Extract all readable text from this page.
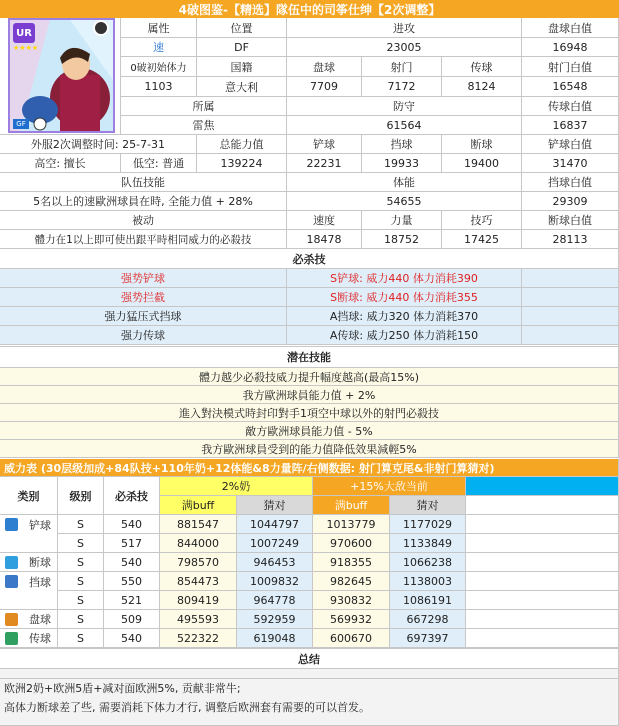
4破图鉴-【精选】隊伍中的司筝仕绅【2次调整】
UR
★★★★
GF
属性	位置	进攻	盘球白值
速	DF	23005	16948
0破初始体力	国籍	盘球	射门	传球	射门白值
1103	意大利	7709	7172	8124	16548
所属	防守	传球白值
雷焦	61564	16837
外服2次调整时间: 25-7-31	总能力值	铲球	挡球	断球	铲球白值
高空: 擅长	低空: 普通	139224	22231	19933	19400	31470
队伍技能	体能	挡球白值
5名以上的速歐洲球員在時, 全能力值 + 28%	54655	29309
被动	速度	力量	技巧	断球白值
體力在1以上即可使出跟平時相同威力的必殺技	18478	18752	17425	28113
必杀技
强势铲球	S铲球: 威力440 体力消耗390
强势拦截	S断球: 威力440 体力消耗355
强力猛压式挡球	A挡球: 威力320 体力消耗370
强力传球	A传球: 威力250 体力消耗150
潜在技能
體力越少必殺技威力提升幅度越高(最高15%)
我方歐洲球員能力值 + 2%
進入對決模式時封印對手1項空中球以外的射門必殺技
敵方歐洲球員能力值 - 5%
我方歐洲球員受到的能力值降低效果減輕5%
威力表 (30层级加成+84队技+110年奶+12体能&8力量阵/右侧数据: 射门算克尾&非射门算猜对)
类别	级别	必杀技
2%奶	+15%大敌当前
满buff	猜对	满buff	猜对
铲球	S	540	881547	1044797	1013779	1177029
S	517	844000	1007249	970600	1133849
断球	S	540	798570	946453	918355	1066238
挡球	S	550	854473	1009832	982645	1138003
S	521	809419	964778	930832	1086191
盘球	S	509	495593	592959	569932	667298
传球	S	540	522322	619048	600670	697397
总结
欧洲2奶+欧洲5盾+减对面欧洲5%, 贡献非常牛;
高体力断球差了些, 需要消耗下体力才行, 调整后欧洲套有需要的可以首发。
